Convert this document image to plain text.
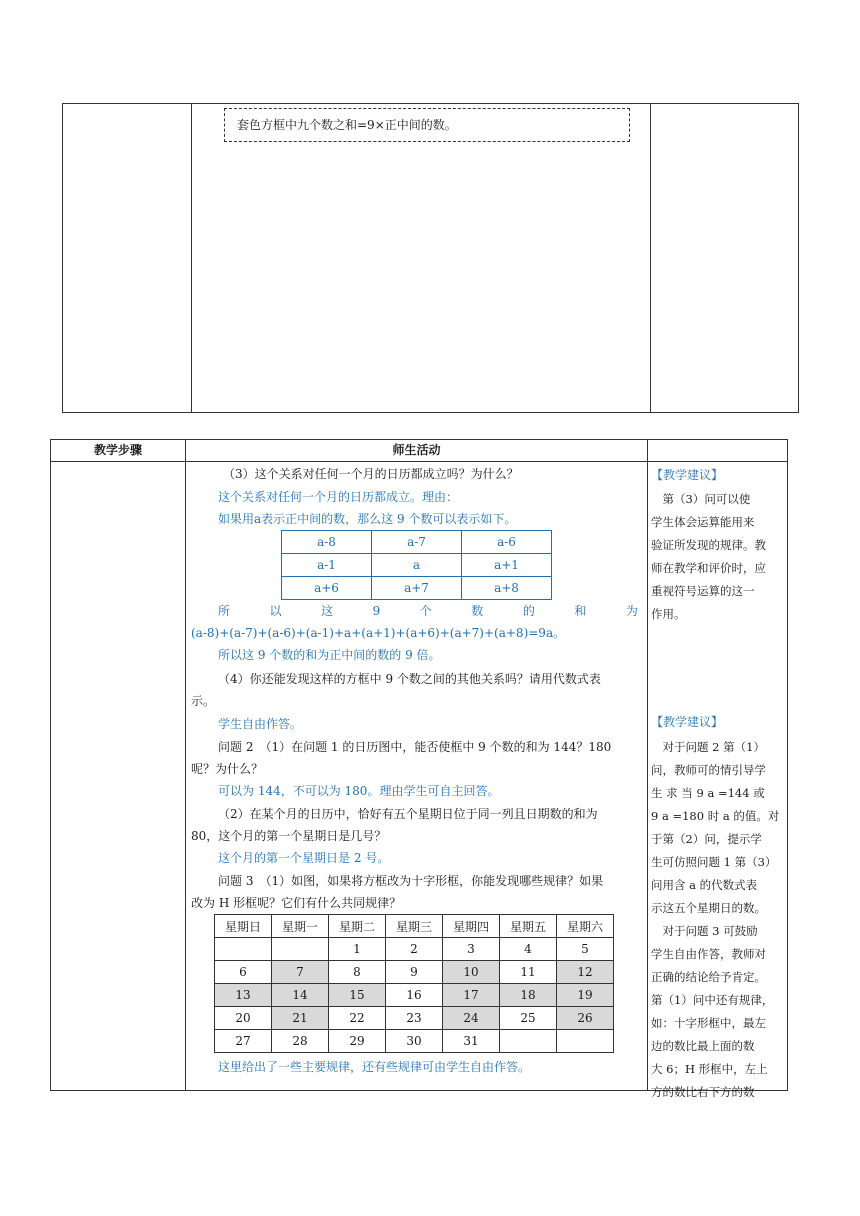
套色方框中九个数之和=9×正中间的数。
教学步骤	师生活动
（3）这个关系对任何一个月的日历都成立吗？为什么？
这个关系对任何一个月的日历都成立。理由：
如果用a表示正中间的数，那么这 9 个数可以表示如下。
a-8	a-7	a-6
a-1	a	a+1
a+6	a+7	a+8
所	以	这	9	个	数	的	和	为
(a-8)+(a-7)+(a-6)+(a-1)+a+(a+1)+(a+6)+(a+7)+(a+8)=9a。
所以这 9 个数的和为正中间的数的 9 倍。
（4）你还能发现这样的方框中 9 个数之间的其他关系吗？请用代数式表
示。
学生自由作答。
问题 2　（1）在问题 1 的日历图中，能否使框中 9 个数的和为 144？180
呢？为什么？
可以为 144，不可以为 180。理由学生可自主回答。
（2）在某个月的日历中，恰好有五个星期日位于同一列且日期数的和为
80，这个月的第一个星期日是几号？
这个月的第一个星期日是 2 号。
问题 3　（1）如图，如果将方框改为十字形框，你能发现哪些规律？如果
改为 H 形框呢？它们有什么共同规律？
星期日	星期一	星期二	星期三	星期四	星期五	星期六
		1	2	3	4	5
6	7	8	9	10	11	12
13	14	15	16	17	18	19
20	21	22	23	24	25	26
27	28	29	30	31		
这里给出了一些主要规律，还有些规律可由学生自由作答。
【教学建议】
　第（3）问可以使
学生体会运算能用来
验证所发现的规律。教
师在教学和评价时，应
重视符号运算的这一
作用。
【教学建议】
　对于问题 2 第（1）
问，教师可的情引导学
生 求 当 9 a =144 或
9 a =180 时 a 的值。对
于第（2）问，提示学
生可仿照问题 1 第（3）
问用含 a 的代数式表
示这五个星期日的数。
　对于问题 3 可鼓励
学生自由作答，教师对
正确的结论给予肯定。
第（1）问中还有规律，
如：十字形框中，最左
边的数比最上面的数
大 6；H 形框中，左上
方的数比右下方的数
